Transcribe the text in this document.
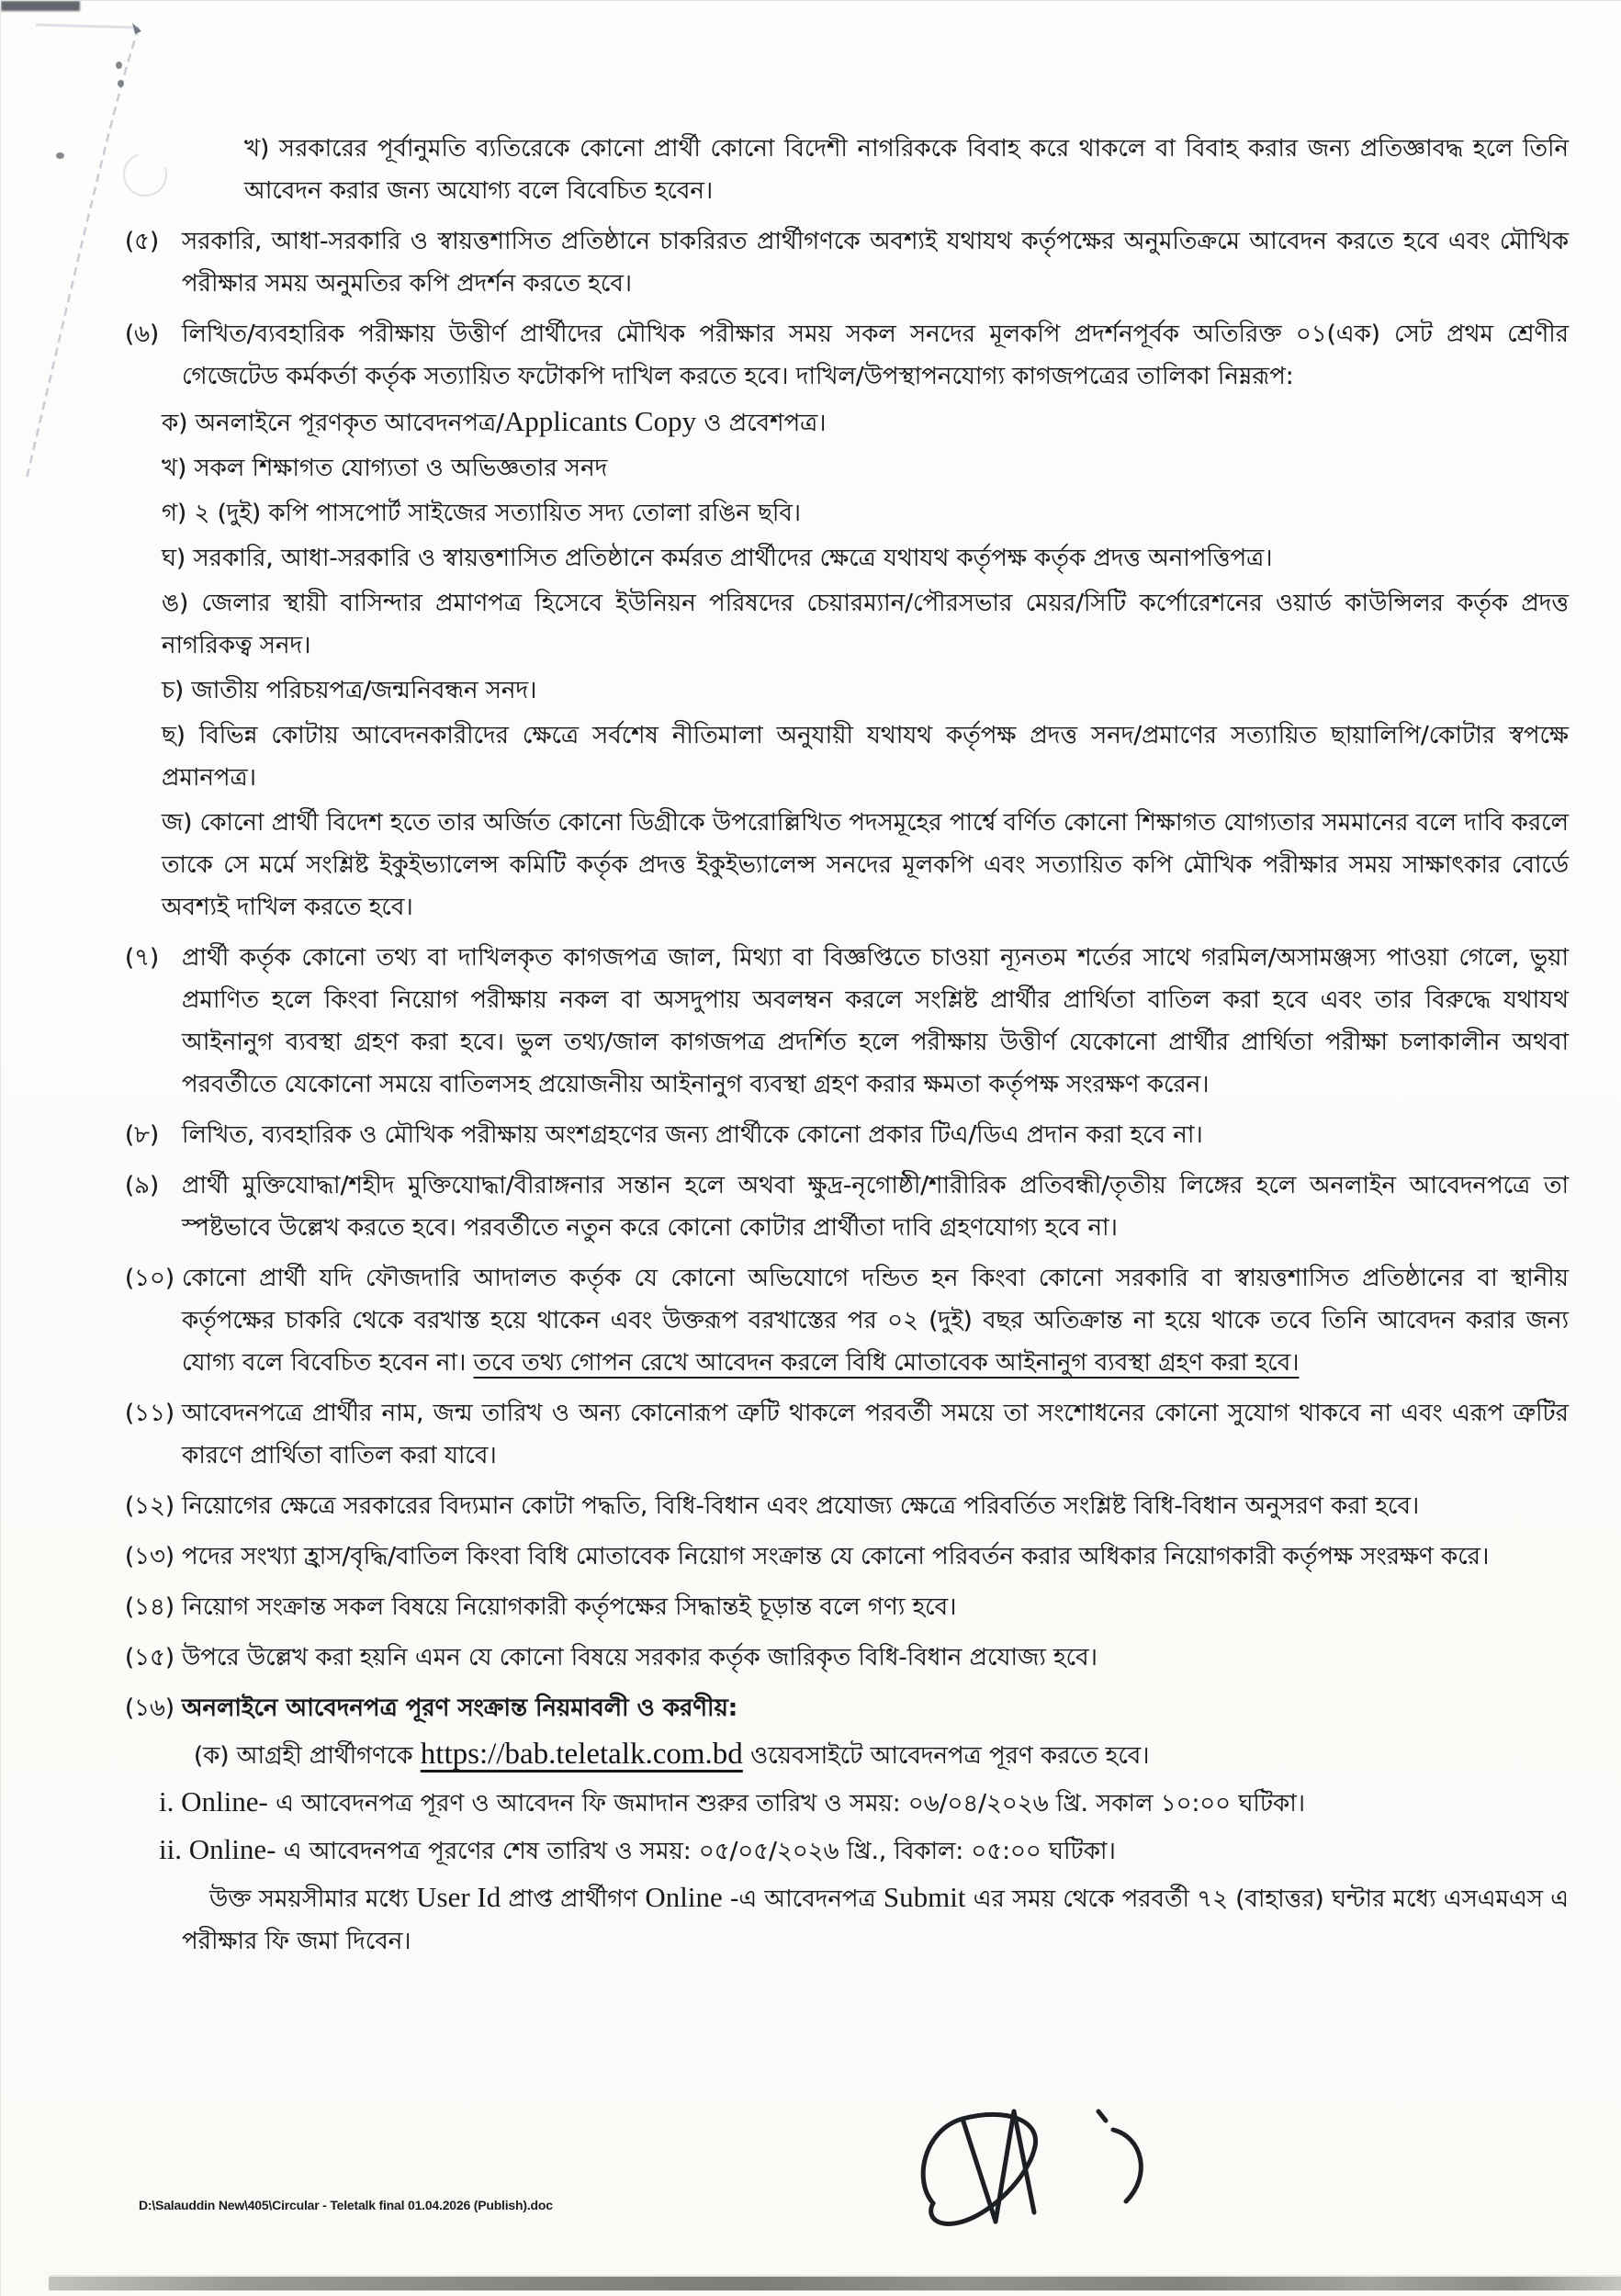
খ) সরকারের পূর্বানুমতি ব্যতিরেকে কোনো প্রার্থী কোনো বিদেশী নাগরিককে বিবাহ করে থাকলে বা বিবাহ করার জন্য প্রতিজ্ঞাবদ্ধ হলে তিনি আবেদন করার জন্য অযোগ্য বলে বিবেচিত হবেন।
(৫) সরকারি, আধা-সরকারি ও স্বায়ত্তশাসিত প্রতিষ্ঠানে চাকরিরত প্রার্থীগণকে অবশ্যই যথাযথ কর্তৃপক্ষের অনুমতিক্রমে আবেদন করতে হবে এবং মৌখিক পরীক্ষার সময় অনুমতির কপি প্রদর্শন করতে হবে।
(৬) লিখিত/ব্যবহারিক পরীক্ষায় উত্তীর্ণ প্রার্থীদের মৌখিক পরীক্ষার সময় সকল সনদের মূলকপি প্রদর্শনপূর্বক অতিরিক্ত ০১(এক) সেট প্রথম শ্রেণীর গেজেটেড কর্মকর্তা কর্তৃক সত্যায়িত ফটোকপি দাখিল করতে হবে। দাখিল/উপস্থাপনযোগ্য কাগজপত্রের তালিকা নিম্নরূপ:
ক) অনলাইনে পূরণকৃত আবেদনপত্র/Applicants Copy ও প্রবেশপত্র।
খ) সকল শিক্ষাগত যোগ্যতা ও অভিজ্ঞতার সনদ
গ) ২ (দুই) কপি পাসপোর্ট সাইজের সত্যায়িত সদ্য তোলা রঙিন ছবি।
ঘ) সরকারি, আধা-সরকারি ও স্বায়ত্তশাসিত প্রতিষ্ঠানে কর্মরত প্রার্থীদের ক্ষেত্রে যথাযথ কর্তৃপক্ষ কর্তৃক প্রদত্ত অনাপত্তিপত্র।
ঙ) জেলার স্থায়ী বাসিন্দার প্রমাণপত্র হিসেবে ইউনিয়ন পরিষদের চেয়ারম্যান/পৌরসভার মেয়র/সিটি কর্পোরেশনের ওয়ার্ড কাউন্সিলর কর্তৃক প্রদত্ত নাগরিকত্ব সনদ।
চ) জাতীয় পরিচয়পত্র/জন্মনিবন্ধন সনদ।
ছ) বিভিন্ন কোটায় আবেদনকারীদের ক্ষেত্রে সর্বশেষ নীতিমালা অনুযায়ী যথাযথ কর্তৃপক্ষ প্রদত্ত সনদ/প্রমাণের সত্যায়িত ছায়ালিপি/কোটার স্বপক্ষে প্রমানপত্র।
জ) কোনো প্রার্থী বিদেশ হতে তার অর্জিত কোনো ডিগ্রীকে উপরোল্লিখিত পদসমূহের পার্শ্বে বর্ণিত কোনো শিক্ষাগত যোগ্যতার সমমানের বলে দাবি করলে তাকে সে মর্মে সংশ্লিষ্ট ইকুইভ্যালেন্স কমিটি কর্তৃক প্রদত্ত ইকুইভ্যালেন্স সনদের মূলকপি এবং সত্যায়িত কপি মৌখিক পরীক্ষার সময় সাক্ষাৎকার বোর্ডে অবশ্যই দাখিল করতে হবে।
(৭) প্রার্থী কর্তৃক কোনো তথ্য বা দাখিলকৃত কাগজপত্র জাল, মিথ্যা বা বিজ্ঞপ্তিতে চাওয়া ন্যূনতম শর্তের সাথে গরমিল/অসামঞ্জস্য পাওয়া গেলে, ভুয়া প্রমাণিত হলে কিংবা নিয়োগ পরীক্ষায় নকল বা অসদুপায় অবলম্বন করলে সংশ্লিষ্ট প্রার্থীর প্রার্থিতা বাতিল করা হবে এবং তার বিরুদ্ধে যথাযথ আইনানুগ ব্যবস্থা গ্রহণ করা হবে। ভুল তথ্য/জাল কাগজপত্র প্রদর্শিত হলে পরীক্ষায় উত্তীর্ণ যেকোনো প্রার্থীর প্রার্থিতা পরীক্ষা চলাকালীন অথবা পরবর্তীতে যেকোনো সময়ে বাতিলসহ প্রয়োজনীয় আইনানুগ ব্যবস্থা গ্রহণ করার ক্ষমতা কর্তৃপক্ষ সংরক্ষণ করেন।
(৮) লিখিত, ব্যবহারিক ও মৌখিক পরীক্ষায় অংশগ্রহণের জন্য প্রার্থীকে কোনো প্রকার টিএ/ডিএ প্রদান করা হবে না।
(৯) প্রার্থী মুক্তিযোদ্ধা/শহীদ মুক্তিযোদ্ধা/বীরাঙ্গনার সন্তান হলে অথবা ক্ষুদ্র-নৃগোষ্ঠী/শারীরিক প্রতিবন্ধী/তৃতীয় লিঙ্গের হলে অনলাইন আবেদনপত্রে তা স্পষ্টভাবে উল্লেখ করতে হবে। পরবর্তীতে নতুন করে কোনো কোটার প্রার্থীতা দাবি গ্রহণযোগ্য হবে না।
(১০) কোনো প্রার্থী যদি ফৌজদারি আদালত কর্তৃক যে কোনো অভিযোগে দন্ডিত হন কিংবা কোনো সরকারি বা স্বায়ত্তশাসিত প্রতিষ্ঠানের বা স্থানীয় কর্তৃপক্ষের চাকরি থেকে বরখাস্ত হয়ে থাকেন এবং উক্তরূপ বরখাস্তের পর ০২ (দুই) বছর অতিক্রান্ত না হয়ে থাকে তবে তিনি আবেদন করার জন্য যোগ্য বলে বিবেচিত হবেন না। তবে তথ্য গোপন রেখে আবেদন করলে বিধি মোতাবেক আইনানুগ ব্যবস্থা গ্রহণ করা হবে।
(১১) আবেদনপত্রে প্রার্থীর নাম, জন্ম তারিখ ও অন্য কোনোরূপ ত্রুটি থাকলে পরবর্তী সময়ে তা সংশোধনের কোনো সুযোগ থাকবে না এবং এরূপ ত্রুটির কারণে প্রার্থিতা বাতিল করা যাবে।
(১২) নিয়োগের ক্ষেত্রে সরকারের বিদ্যমান কোটা পদ্ধতি, বিধি-বিধান এবং প্রযোজ্য ক্ষেত্রে পরিবর্তিত সংশ্লিষ্ট বিধি-বিধান অনুসরণ করা হবে।
(১৩) পদের সংখ্যা হ্রাস/বৃদ্ধি/বাতিল কিংবা বিধি মোতাবেক নিয়োগ সংক্রান্ত যে কোনো পরিবর্তন করার অধিকার নিয়োগকারী কর্তৃপক্ষ সংরক্ষণ করে।
(১৪) নিয়োগ সংক্রান্ত সকল বিষয়ে নিয়োগকারী কর্তৃপক্ষের সিদ্ধান্তই চূড়ান্ত বলে গণ্য হবে।
(১৫) উপরে উল্লেখ করা হয়নি এমন যে কোনো বিষয়ে সরকার কর্তৃক জারিকৃত বিধি-বিধান প্রযোজ্য হবে।
(১৬) অনলাইনে আবেদনপত্র পূরণ সংক্রান্ত নিয়মাবলী ও করণীয়:
(ক) আগ্রহী প্রার্থীগণকে https://bab.teletalk.com.bd ওয়েবসাইটে আবেদনপত্র পূরণ করতে হবে।
i. Online- এ আবেদনপত্র পূরণ ও আবেদন ফি জমাদান শুরুর তারিখ ও সময়: ০৬/০৪/২০২৬ খ্রি. সকাল ১০:০০ ঘটিকা।
ii. Online- এ আবেদনপত্র পূরণের শেষ তারিখ ও সময়: ০৫/০৫/২০২৬ খ্রি., বিকাল: ০৫:০০ ঘটিকা।
উক্ত সময়সীমার মধ্যে User Id প্রাপ্ত প্রার্থীগণ Online -এ আবেদনপত্র Submit এর সময় থেকে পরবর্তী ৭২ (বাহাত্তর) ঘন্টার মধ্যে এসএমএস এ পরীক্ষার ফি জমা দিবেন।
D:\Salauddin New\405\Circular - Teletalk final 01.04.2026 (Publish).doc
